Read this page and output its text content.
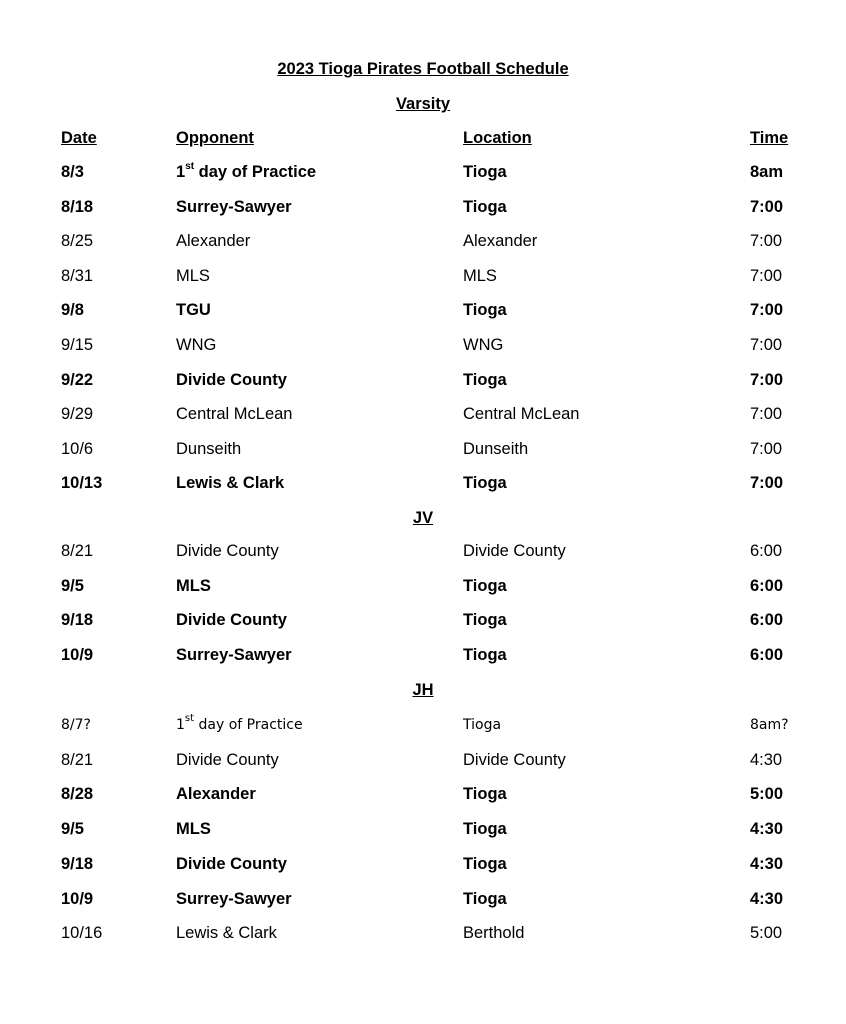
2023 Tioga Pirates Football Schedule
Varsity
Date	Opponent	Location	Time
8/3	1st day of Practice	Tioga	8am
8/18	Surrey-Sawyer	Tioga	7:00
8/25	Alexander	Alexander	7:00
8/31	MLS	MLS	7:00
9/8	TGU	Tioga	7:00
9/15	WNG	WNG	7:00
9/22	Divide County	Tioga	7:00
9/29	Central McLean	Central McLean	7:00
10/6	Dunseith	Dunseith	7:00
10/13	Lewis & Clark	Tioga	7:00
JV
8/21	Divide County	Divide County	6:00
9/5	MLS	Tioga	6:00
9/18	Divide County	Tioga	6:00
10/9	Surrey-Sawyer	Tioga	6:00
JH
8/7?	1st day of Practice	Tioga	8am?
8/21	Divide County	Divide County	4:30
8/28	Alexander	Tioga	5:00
9/5	MLS	Tioga	4:30
9/18	Divide County	Tioga	4:30
10/9	Surrey-Sawyer	Tioga	4:30
10/16	Lewis & Clark	Berthold	5:00
